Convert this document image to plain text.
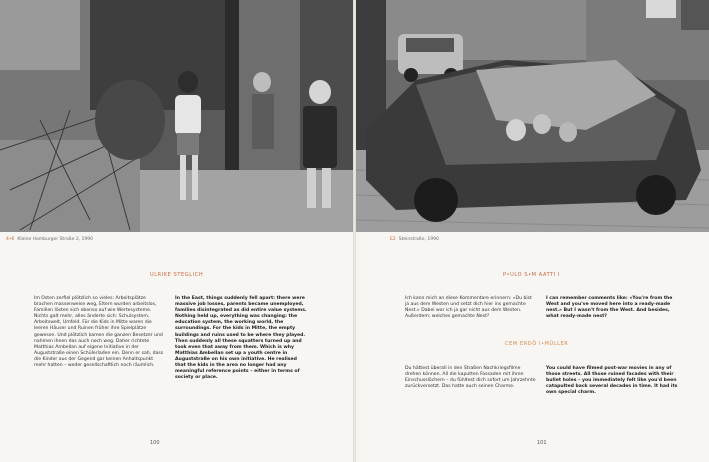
4•6 Kleine Hamburger Straße 2, 1990
ULRIKE STEGLICH
Im Osten zerfiel plötzlich so vieles: Arbeitsplätze brachen massenweise weg, Eltern wurden arbeitslos, Familien lösten sich ebenso auf wie Wertesysteme. Nichts galt mehr, alles änderte sich: Schulsystem, Arbeitswelt, Umfeld. Für die Kids in Mitte waren die leeren Häuser und Ruinen früher ihre Spielplätze gewesen. Und plötzlich kamen die ganzen Besetzer und nahmen ihnen das auch noch weg. Daher richtete Matthias Ambellan auf eigene Initiative in der Auguststraße einen Schülerladen ein. Denn er sah, dass die Kinder aus der Gegend gar keinen Anhaltspunkt mehr hatten – weder gesellschaftlich noch räumlich.
In the East, things suddenly fell apart: there were massive job losses, parents became unemployed, families disintegrated as did entire value systems. Nothing held up, everything was changing: the education system, the working world, the surroundings. For the kids in Mitte, the empty buildings and ruins used to be where they played. Then suddenly all these squatters turned up and took even that away from them. Which is why Matthias Ambellan set up a youth centre in Auguststraße on his own initiative. He realised that the kids in the area no longer had any meaningful reference points – either in terms of society or place.
100
E2 Steinstraße, 1990
P•ULO S•M AATTI I
Ich kann mich an diese Kommentare erinnern: «Du bist ja aus dem Westen und setzt dich hier ins gemachte Nest.» Dabei war ich ja gar nicht aus dem Westen. Außerdem: welches gemachte Nest?
I can remember comments like: «You're from the West and you've moved here into a ready-made nest.» But I wasn't from the West. And besides, what ready-made nest?
CEM ERDÖ I•MÜLLER
Du hättest überall in den Straßen Nachkriegsfilme drehen können. All die kaputten Fassaden mit ihren Einschusslöchern – du fühltest dich sofort um Jahrzehnte zurückversetzt. Das hatte auch seinen Charme.
You could have filmed post-war movies in any of those streets. All those ruined facades with their bullet holes – you immediately felt like you'd been catapulted back several decades in time. It had its own special charm.
101
